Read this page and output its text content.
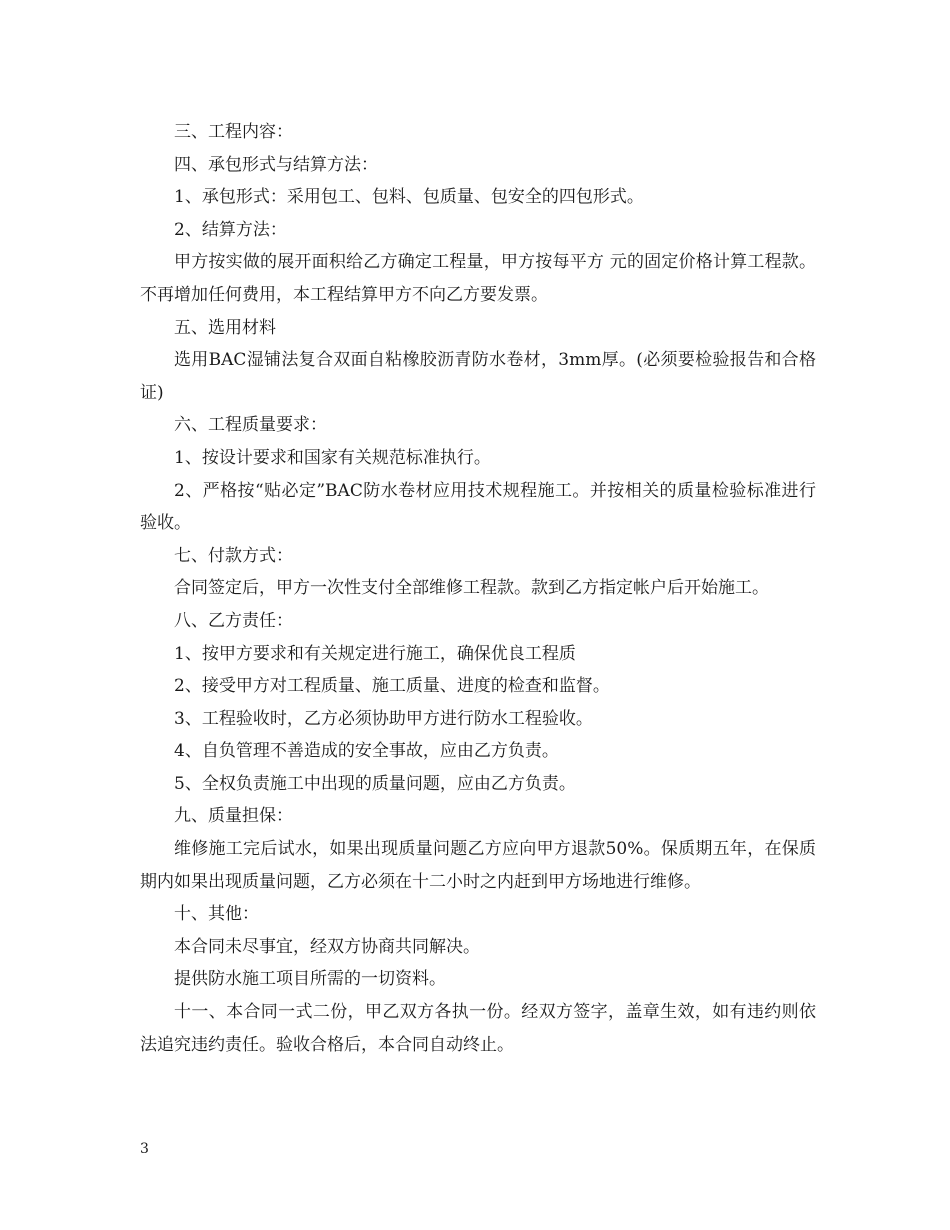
三、工程内容：

四、承包形式与结算方法：

1、承包形式：采用包工、包料、包质量、包安全的四包形式。

2、结算方法：

甲方按实做的展开面积给乙方确定工程量，甲方按每平方 元的固定价格计算工程款。不再增加任何费用，本工程结算甲方不向乙方要发票。

五、选用材料

选用BAC湿铺法复合双面自粘橡胶沥青防水卷材，3mm厚。(必须要检验报告和合格证)

六、工程质量要求：

1、按设计要求和国家有关规范标准执行。

2、严格按“贴必定”BAC防水卷材应用技术规程施工。并按相关的质量检验标准进行验收。

七、付款方式：

合同签定后，甲方一次性支付全部维修工程款。款到乙方指定帐户后开始施工。

八、乙方责任：

1、按甲方要求和有关规定进行施工，确保优良工程质

2、接受甲方对工程质量、施工质量、进度的检查和监督。

3、工程验收时，乙方必须协助甲方进行防水工程验收。

4、自负管理不善造成的安全事故，应由乙方负责。

5、全权负责施工中出现的质量问题，应由乙方负责。

九、质量担保：

维修施工完后试水，如果出现质量问题乙方应向甲方退款50%。保质期五年，在保质期内如果出现质量问题，乙方必须在十二小时之内赶到甲方场地进行维修。

十、其他：

本合同未尽事宜，经双方协商共同解决。

提供防水施工项目所需的一切资料。

十一、本合同一式二份，甲乙双方各执一份。经双方签字，盖章生效，如有违约则依法追究违约责任。验收合格后，本合同自动终止。

3
